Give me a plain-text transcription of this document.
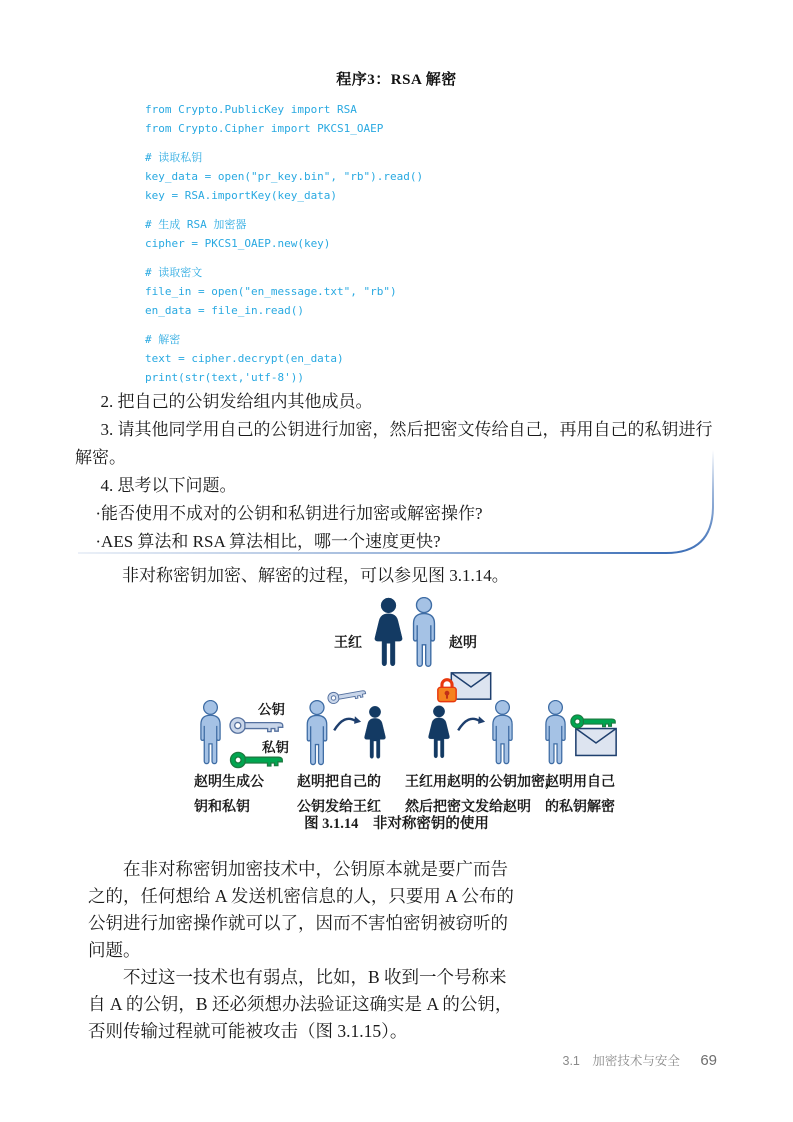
程序3：RSA 解密
from Crypto.PublicKey import RSA
from Crypto.Cipher import PKCS1_OAEP
# 读取私钥
key_data = open("pr_key.bin", "rb").read()
key = RSA.importKey(key_data)
# 生成 RSA 加密器
cipher = PKCS1_OAEP.new(key)
# 读取密文
file_in = open("en_message.txt", "rb")
en_data = file_in.read()
# 解密
text = cipher.decrypt(en_data)
print(str(text,'utf-8'))

2. 把自己的公钥发给组内其他成员。

3. 请其他同学用自己的公钥进行加密，然后把密文传给自己，再用自己的私钥进行解密。

4. 思考以下问题。

·能否使用不成对的公钥和私钥进行加密或解密操作?

·AES 算法和 RSA 算法相比，哪一个速度更快?

非对称密钥加密、解密的过程，可以参见图 3.1.14。

王红	赵明
公钥
私钥
赵明生成公
钥和私钥
赵明把自己的
公钥发给王红
王红用赵明的公钥加密，
然后把密文发给赵明
赵明用自己
的私钥解密
图 3.1.14　非对称密钥的使用

在非对称密钥加密技术中，公钥原本就是要广而告之的，任何想给 A 发送机密信息的人，只要用 A 公布的公钥进行加密操作就可以了，因而不害怕密钥被窃听的问题。

不过这一技术也有弱点，比如，B 收到一个号称来自 A 的公钥，B 还必须想办法验证这确实是 A 的公钥，否则传输过程就可能被攻击（图 3.1.15）。

3.1 加密技术与安全 69
